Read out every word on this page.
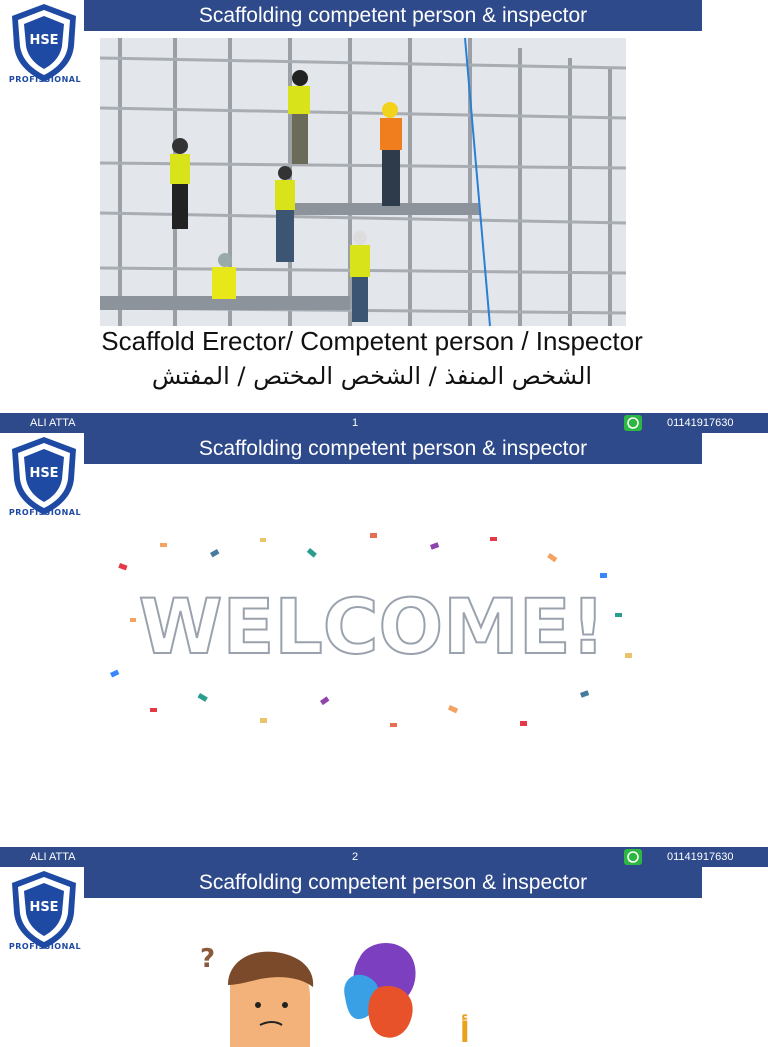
Scaffolding competent person & inspector
HSE
PROFISSIONAL
Scaffold Erector/ Competent person / Inspector
الشخص المنفذ / الشخص المختص / المفتش
ALI ATTA	1	01141917630
Scaffolding competent person & inspector
HSE
PROFISSIONAL
WELCOME!
ALI ATTA	2	01141917630
Scaffolding competent person & inspector
HSE
PROFISSIONAL	?
أ
